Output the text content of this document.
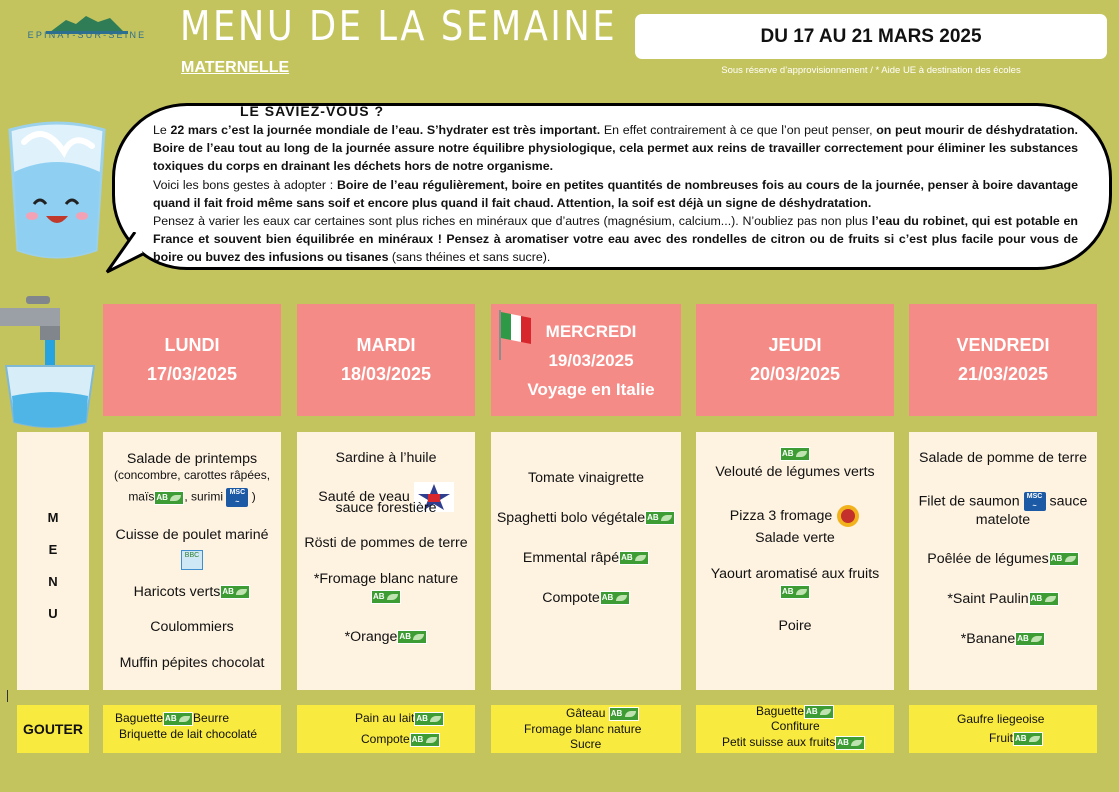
EPINAY-SUR-SEINE MENU DE LA SEMAINE
MATERNELLE
DU 17 AU 21 MARS 2025
Sous réserve d’approvisionnement / * Aide UE à destination des écoles
LE SAVIEZ-VOUS ?
Le 22 mars c’est la journée mondiale de l’eau. S’hydrater est très important. En effet contrairement à ce que l’on peut penser, on peut mourir de déshydratation. Boire de l’eau tout au long de la journée assure notre équilibre physiologique, cela permet aux reins de travailler correctement pour éliminer les substances toxiques du corps en drainant les déchets hors de notre organisme.
Voici les bons gestes à adopter : Boire de l’eau régulièrement, boire en petites quantités de nombreuses fois au cours de la journée, penser à boire davantage quand il fait froid même sans soif et encore plus quand il fait chaud. Attention, la soif est déjà un signe de déshydratation.
Pensez à varier les eaux car certaines sont plus riches en minéraux que d’autres (magnésium, calcium...). N’oubliez pas non plus l’eau du robinet, qui est potable en France et souvent bien équilibrée en minéraux ! Pensez à aromatiser votre eau avec des rondelles de citron ou de fruits si c’est plus facile pour vous de boire ou buvez des infusions ou tisanes (sans théines et sans sucre).
LUNDI
17/03/2025
MARDI
18/03/2025
MERCREDI
19/03/2025
Voyage en Italie
JEUDI
20/03/2025
VENDREDI
21/03/2025
M
E
N
U
Salade de printemps
(concombre, carottes râpées,
maïs AB	, surimi MSC
~ )
Cuisse de poulet mariné
BBC
Haricots vertsAB
Coulommiers
Muffin pépites chocolat
Sardine à l’huile
Sauté de veau
sauce forestière
Rösti de pommes de terre
*Fromage blanc nature
AB
*OrangeAB
Tomate vinaigrette
Spaghetti bolo végétaleAB
Emmental râpéAB
CompoteAB
AB
Velouté de légumes verts
Pizza 3 fromage
Salade verte
Yaourt aromatisé aux fruits
AB
Poire
Salade de pomme de terre
Filet de saumon MSC
~ sauce
matelote
Poêlée de légumesAB
*Saint PaulinAB
*BananeAB
GOUTER
Baguette AB	Beurre
Briquette de lait chocolaté
Pain au laitAB
CompoteAB
Gâteau AB
Fromage blanc nature
Sucre
BaguetteAB
Confiture
Petit suisse aux fruitsAB
Gaufre liegeoise
FruitAB
